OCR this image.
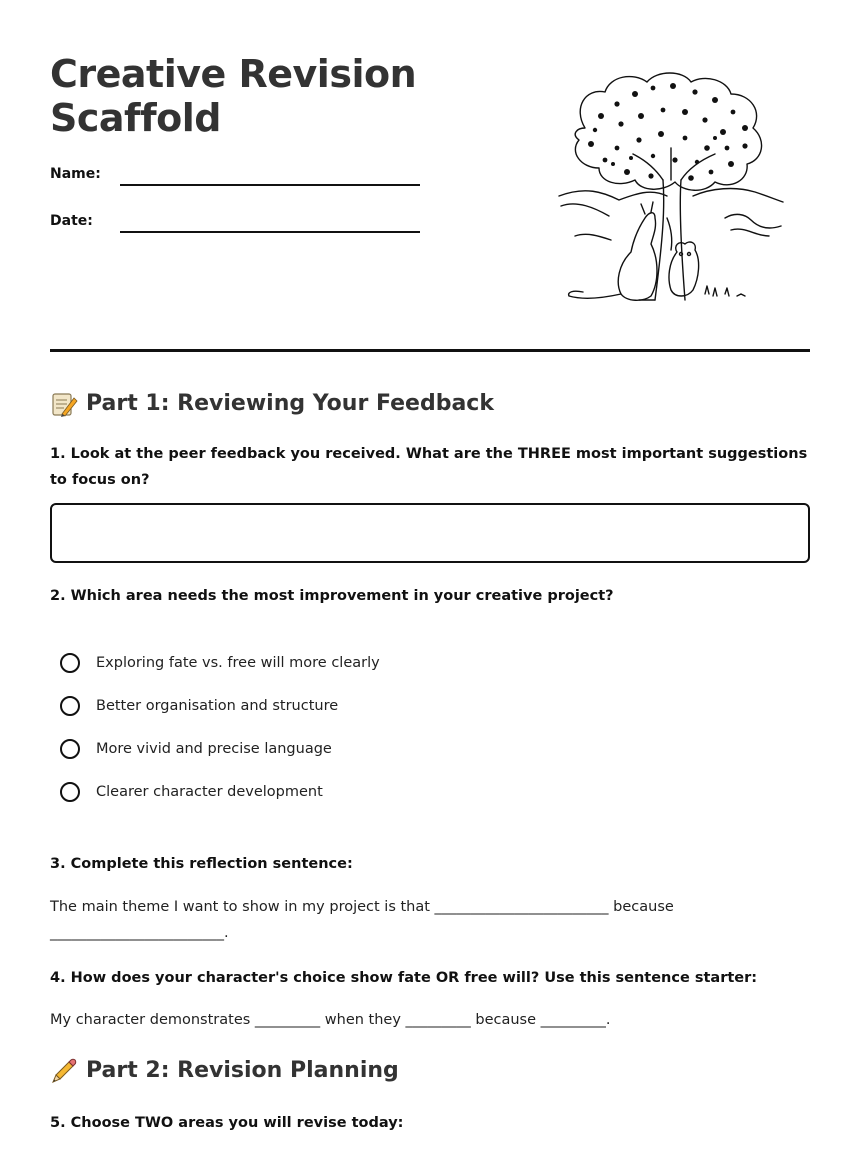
Creative Revision Scaffold
Name:
Date:
Part 1: Reviewing Your Feedback

1. Look at the peer feedback you received. What are the THREE most important suggestions to focus on?

2. Which area needs the most improvement in your creative project?

Exploring fate vs. free will more clearly
Better organisation and structure
More vivid and precise language
Clearer character development

3. Complete this reflection sentence:

The main theme I want to show in my project is that ________________________ because ________________________.

4. How does your character's choice show fate OR free will? Use this sentence starter:

My character demonstrates _________ when they _________ because _________.

Part 2: Revision Planning

5. Choose TWO areas you will revise today:
